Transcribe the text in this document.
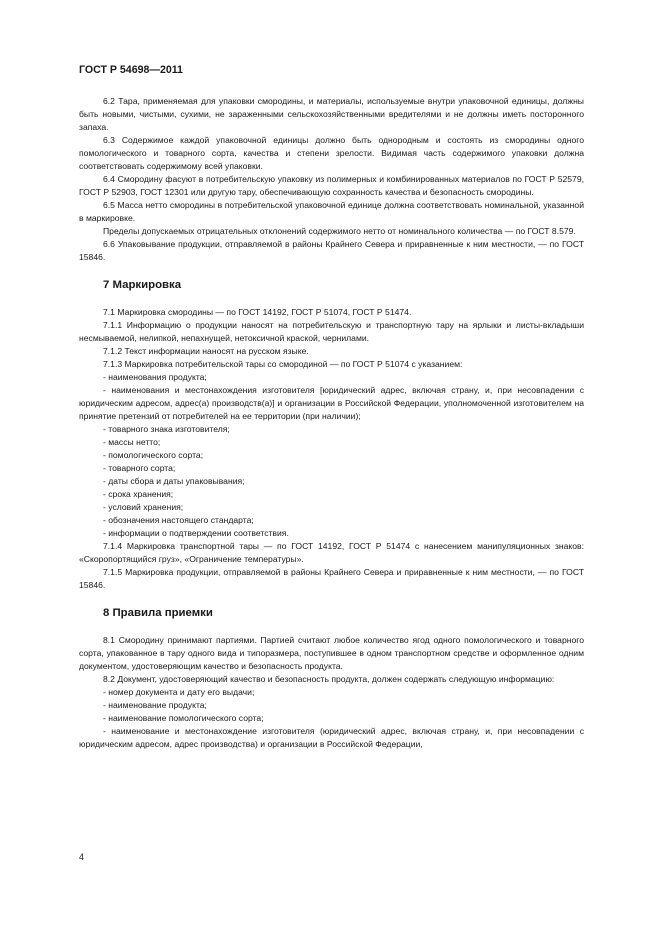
ГОСТ Р 54698—2011

6.2 Тара, применяемая для упаковки смородины, и материалы, используемые внутри упаковочной единицы, должны быть новыми, чистыми, сухими, не зараженными сельскохозяйственными вредителями и не должны иметь посторонного запаха.

6.3 Содержимое каждой упаковочной единицы должно быть однородным и состоять из смородины одного помологического и товарного сорта, качества и степени зрелости. Видимая часть содержимого упаковки должна соответствовать содержимому всей упаковки.

6.4 Смородину фасуют в потребительскую упаковку из полимерных и комбинированных материалов по ГОСТ Р 52579, ГОСТ Р 52903, ГОСТ 12301 или другую тару, обеспечивающую сохранность качества и безопасность смородины.

6.5 Масса нетто смородины в потребительской упаковочной единице должна соответствовать номинальной, указанной в маркировке.

Пределы допускаемых отрицательных отклонений содержимого нетто от номинального количества — по ГОСТ 8.579.

6.6 Упаковывание продукции, отправляемой в районы Крайнего Севера и приравненные к ним местности, — по ГОСТ 15846.

7 Маркировка

7.1 Маркировка смородины — по ГОСТ 14192, ГОСТ Р 51074, ГОСТ Р 51474.

7.1.1 Информацию о продукции наносят на потребительскую и транспортную тару на ярлыки и листы-вкладыши несмываемой, нелипкой, непахнущей, нетоксичной краской, чернилами.

7.1.2 Текст информации наносят на русском языке.

7.1.3 Маркировка потребительской тары со смородиной — по ГОСТ Р 51074 с указанием:

- наименования продукта;

- наименования и местонахождения изготовителя [юридический адрес, включая страну, и, при несовпадении с юридическим адресом, адрес(а) производств(а)] и организации в Российской Федерации, уполномоченной изготовителем на принятие претензий от потребителей на ее территории (при наличии);

- товарного знака изготовителя;

- массы нетто;

- помологического сорта;

- товарного сорта;

- даты сбора и даты упаковывания;

- срока хранения;

- условий хранения;

- обозначения настоящего стандарта;

- информации о подтверждении соответствия.

7.1.4 Маркировка транспортной тары — по ГОСТ 14192, ГОСТ Р 51474 с нанесением манипуляционных знаков: «Скоропортящийся груз», «Ограничение температуры».

7.1.5 Маркировка продукции, отправляемой в районы Крайнего Севера и приравненные к ним местности, — по ГОСТ 15846.

8 Правила приемки

8.1 Смородину принимают партиями. Партией считают любое количество ягод одного помологического и товарного сорта, упакованное в тару одного вида и типоразмера, поступившее в одном транспортном средстве и оформленное одним документом, удостоверяющим качество и безопасность продукта.

8.2 Документ, удостоверяющий качество и безопасность продукта, должен содержать следующую информацию:

- номер документа и дату его выдачи;

- наименование продукта;

- наименование помологического сорта;

- наименование и местонахождение изготовителя (юридический адрес, включая страну, и, при несовпадении с юридическим адресом, адрес производства) и организации в Российской Федерации,

4
